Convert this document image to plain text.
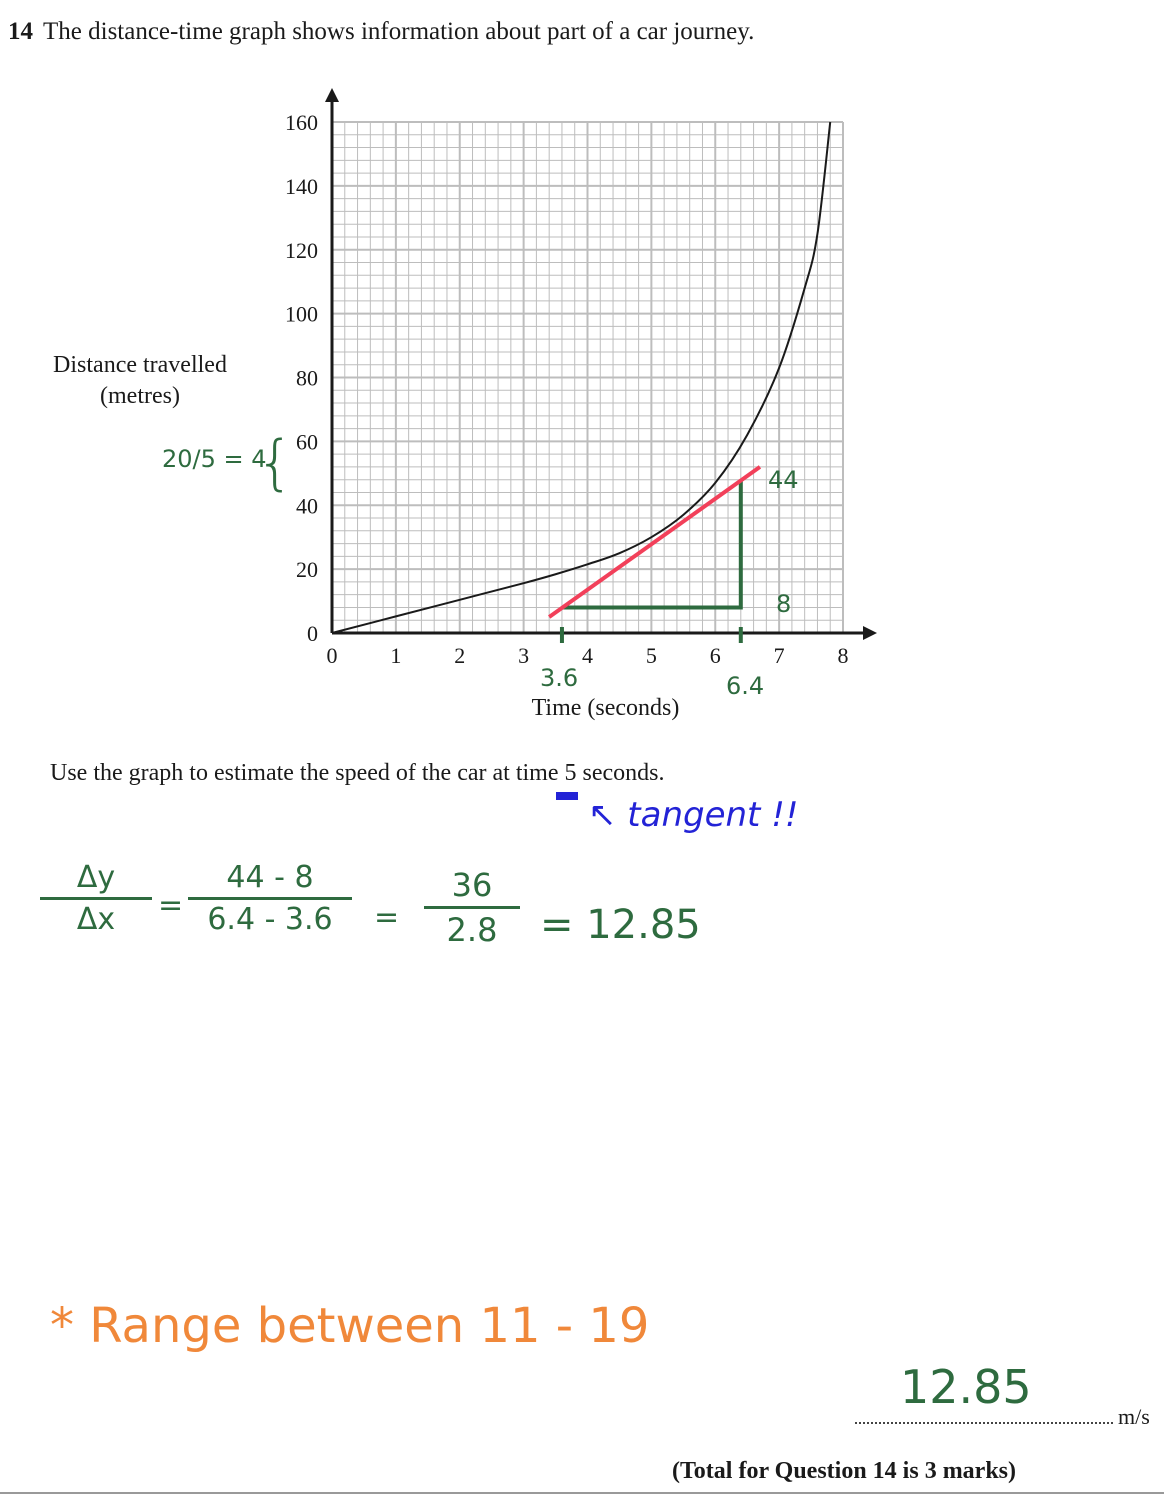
14 The distance-time graph shows information about part of a car journey.
0 1 2 3 4 5 6 7 8
0
20
40
60
80
100
120
140
160
Time (seconds)
Distance travelled
(metres)
20/5 = 4
{	44
8
3.6	6.4
Use the graph to estimate the speed of the car at time 5 seconds.
↖ tangent !!
Δy
Δx	=
44 - 8
6.4 - 3.6	=
36
2.8	= 12.85
* Range between 11 - 19
12.85
m/s
(Total for Question 14 is 3 marks)
